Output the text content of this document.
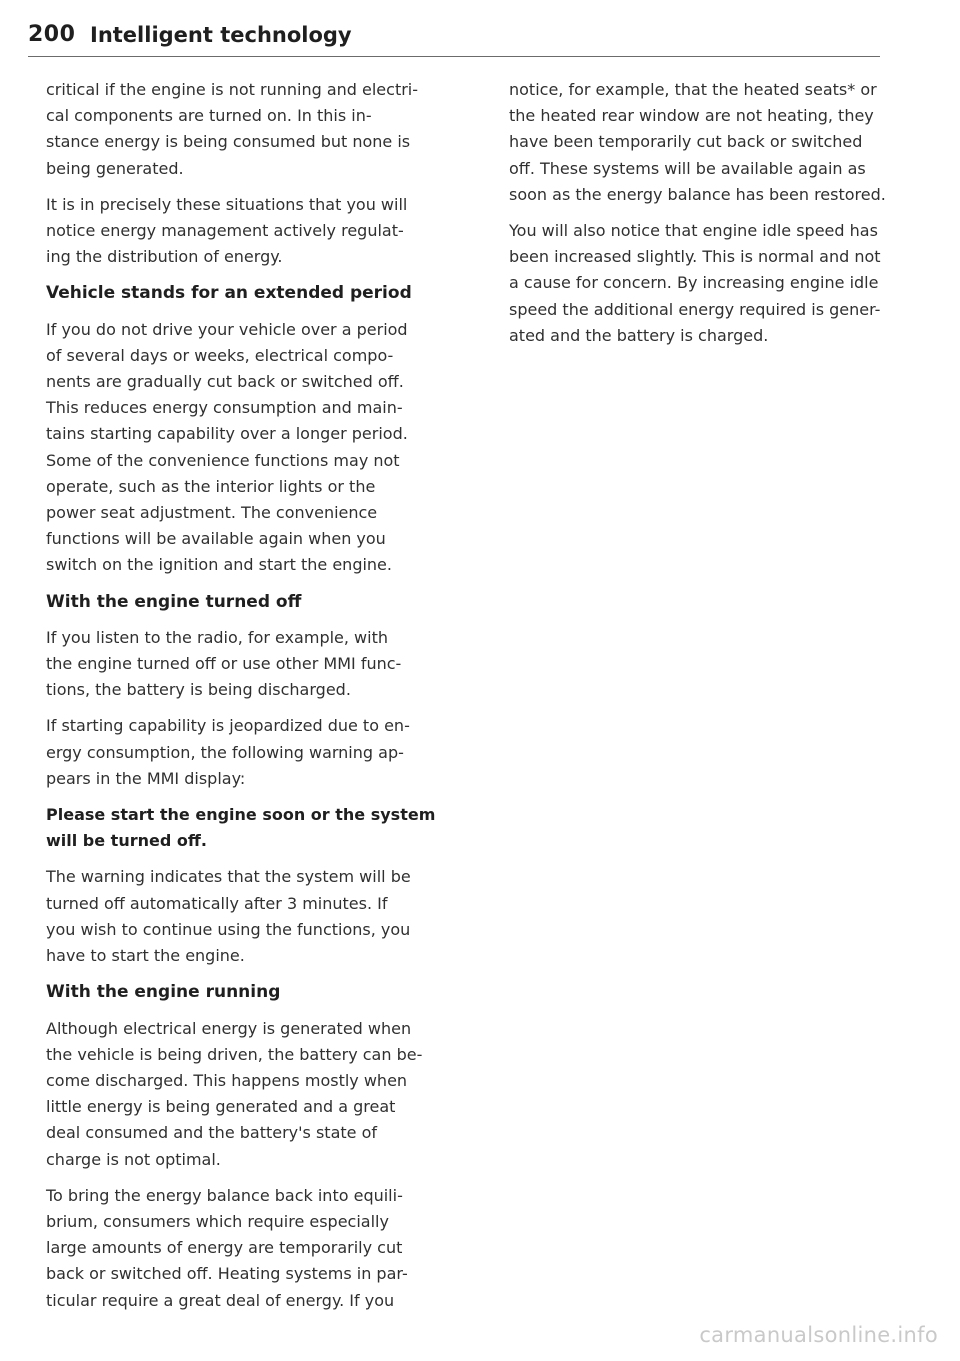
200 Intelligent technology

critical if the engine is not running and electri-
cal components are turned on. In this in-
stance energy is being consumed but none is
being generated.

It is in precisely these situations that you will
notice energy management actively regulat-
ing the distribution of energy.

Vehicle stands for an extended period

If you do not drive your vehicle over a period
of several days or weeks, electrical compo-
nents are gradually cut back or switched off.
This reduces energy consumption and main-
tains starting capability over a longer period.
Some of the convenience functions may not
operate, such as the interior lights or the
power seat adjustment. The convenience
functions will be available again when you
switch on the ignition and start the engine.

With the engine turned off

If you listen to the radio, for example, with
the engine turned off or use other MMI func-
tions, the battery is being discharged.

If starting capability is jeopardized due to en-
ergy consumption, the following warning ap-
pears in the MMI display:

Please start the engine soon or the system
will be turned off.

The warning indicates that the system will be
turned off automatically after 3 minutes. If
you wish to continue using the functions, you
have to start the engine.

With the engine running

Although electrical energy is generated when
the vehicle is being driven, the battery can be-
come discharged. This happens mostly when
little energy is being generated and a great
deal consumed and the battery's state of
charge is not optimal.

To bring the energy balance back into equili-
brium, consumers which require especially
large amounts of energy are temporarily cut
back or switched off. Heating systems in par-
ticular require a great deal of energy. If you

notice, for example, that the heated seats* or
the heated rear window are not heating, they
have been temporarily cut back or switched
off. These systems will be available again as
soon as the energy balance has been restored.

You will also notice that engine idle speed has
been increased slightly. This is normal and not
a cause for concern. By increasing engine idle
speed the additional energy required is gener-
ated and the battery is charged.

carmanualsonline.info
